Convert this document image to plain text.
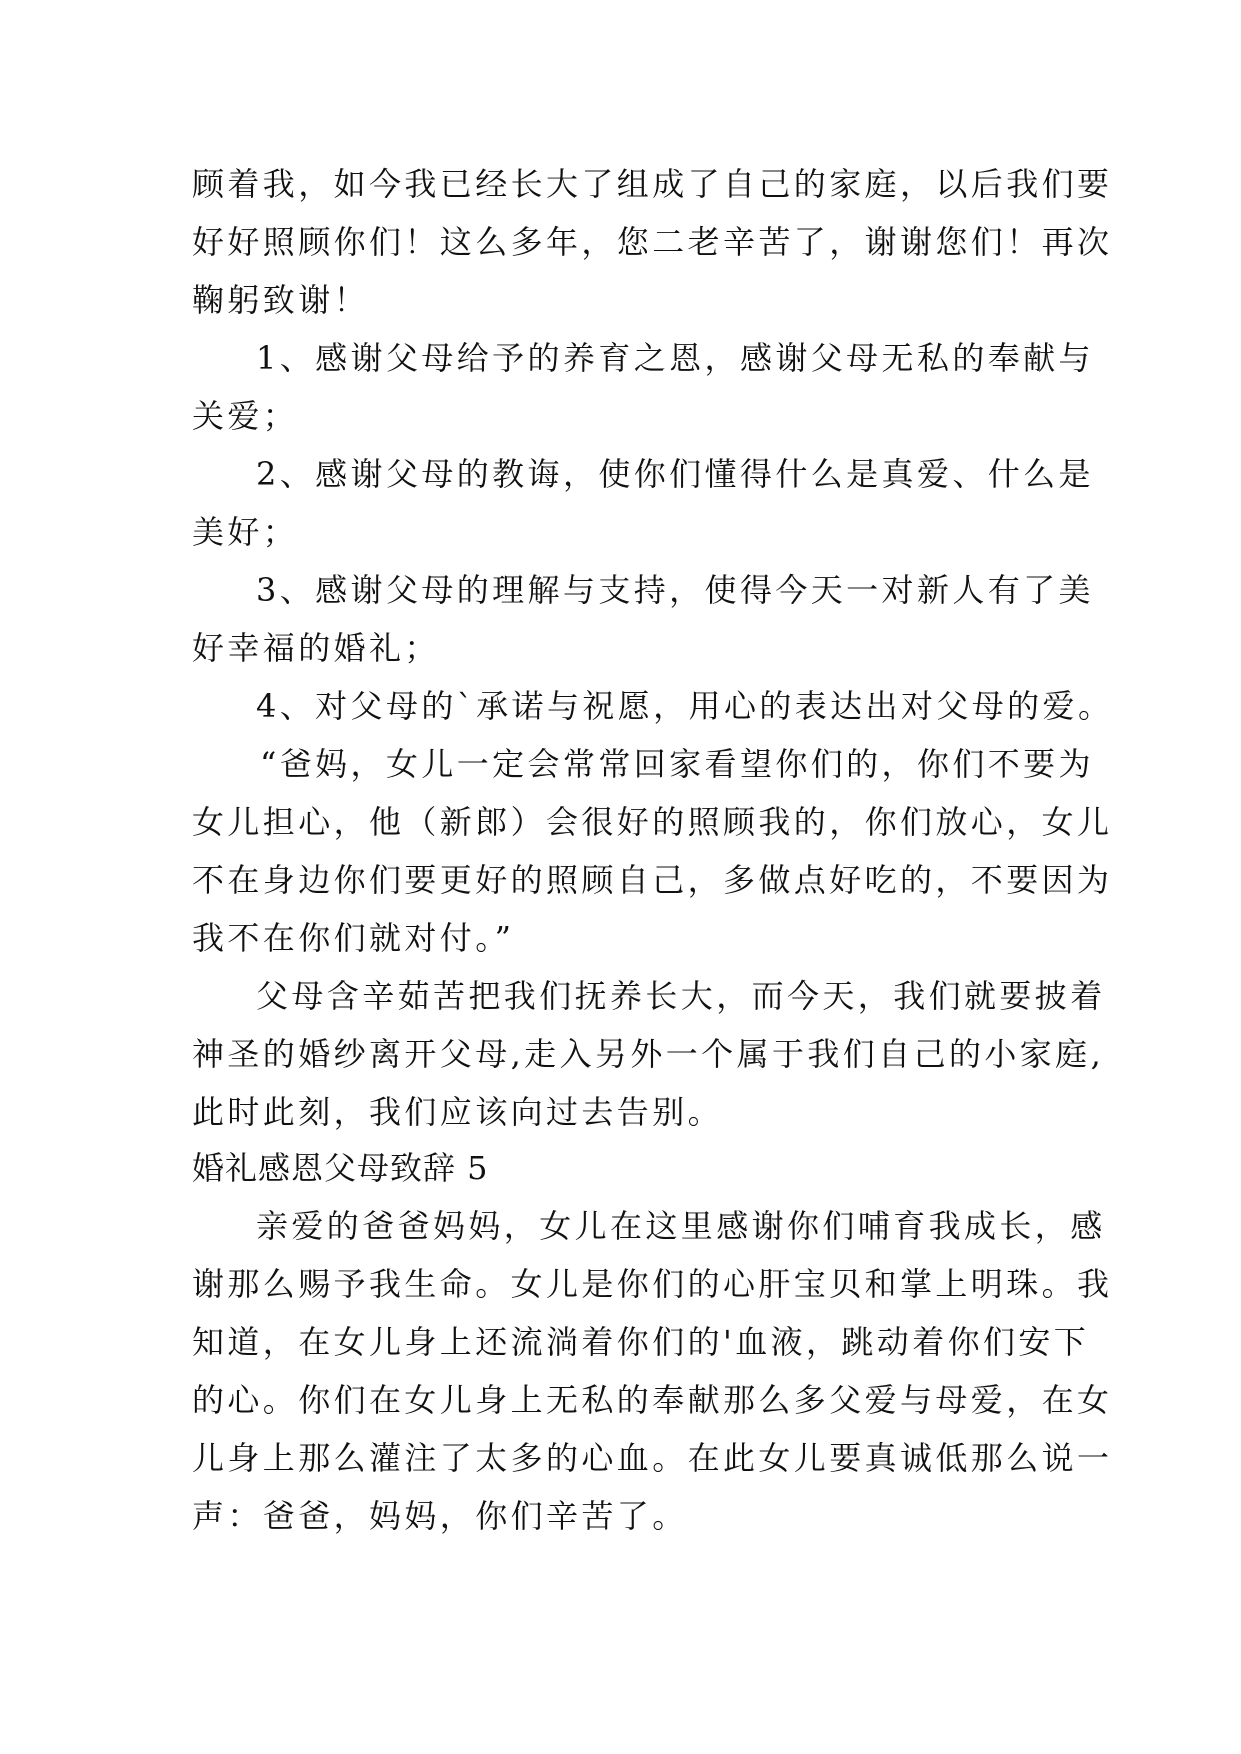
顾着我，如今我已经长大了组成了自己的家庭，以后我们要
好好照顾你们！这么多年，您二老辛苦了，谢谢您们！再次
鞠躬致谢！
1、感谢父母给予的养育之恩，感谢父母无私的奉献与
关爱；
2、感谢父母的教诲，使你们懂得什么是真爱、什么是
美好；
3、感谢父母的理解与支持，使得今天一对新人有了美
好幸福的婚礼；
4、对父母的`承诺与祝愿，用心的表达出对父母的爱。
“爸妈，女儿一定会常常回家看望你们的，你们不要为
女儿担心，他（新郎）会很好的照顾我的，你们放心，女儿
不在身边你们要更好的照顾自己，多做点好吃的，不要因为
我不在你们就对付。”
父母含辛茹苦把我们抚养长大，而今天，我们就要披着
神圣的婚纱离开父母,走入另外一个属于我们自己的小家庭,
此时此刻，我们应该向过去告别。
婚礼感恩父母致辞 5
亲爱的爸爸妈妈，女儿在这里感谢你们哺育我成长，感
谢那么赐予我生命。女儿是你们的心肝宝贝和掌上明珠。我
知道，在女儿身上还流淌着你们的'血液，跳动着你们安下
的心。你们在女儿身上无私的奉献那么多父爱与母爱，在女
儿身上那么灌注了太多的心血。在此女儿要真诚低那么说一
声：爸爸，妈妈，你们辛苦了。
